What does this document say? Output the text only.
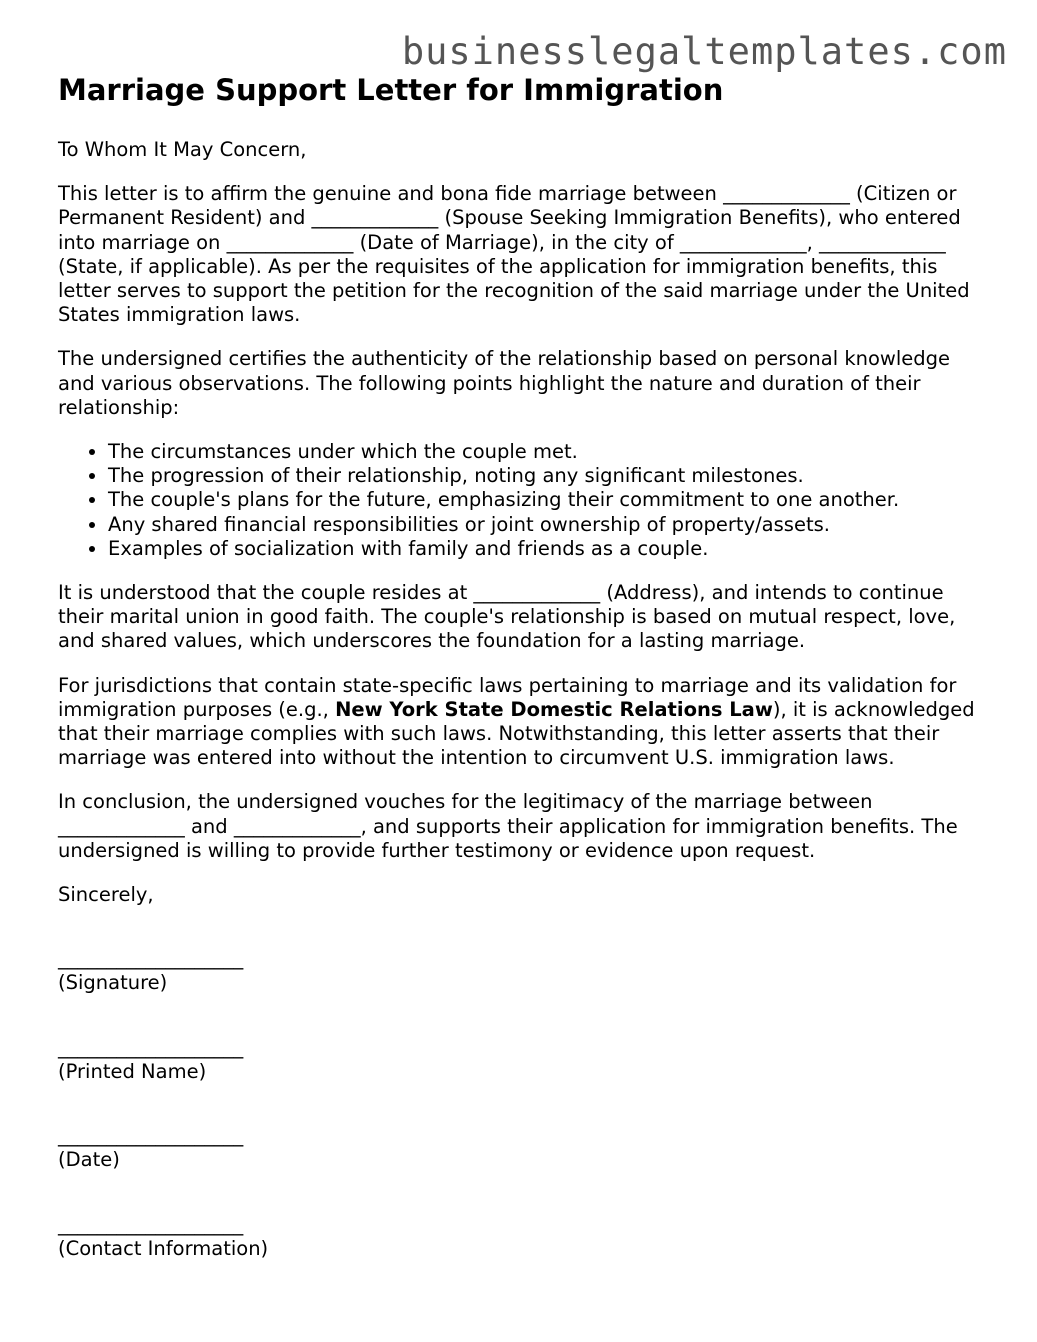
businesslegaltemplates.com
Marriage Support Letter for Immigration

To Whom It May Concern,

This letter is to affirm the genuine and bona fide marriage between _____________ (Citizen or Permanent Resident) and _____________ (Spouse Seeking Immigration Benefits), who entered into marriage on _____________ (Date of Marriage), in the city of _____________, _____________ (State, if applicable). As per the requisites of the application for immigration benefits, this letter serves to support the petition for the recognition of the said marriage under the United States immigration laws.

The undersigned certifies the authenticity of the relationship based on personal knowledge and various observations. The following points highlight the nature and duration of their relationship:

• The circumstances under which the couple met.
• The progression of their relationship, noting any significant milestones.
• The couple's plans for the future, emphasizing their commitment to one another.
• Any shared financial responsibilities or joint ownership of property/assets.
• Examples of socialization with family and friends as a couple.

It is understood that the couple resides at _____________ (Address), and intends to continue their marital union in good faith. The couple's relationship is based on mutual respect, love, and shared values, which underscores the foundation for a lasting marriage.

For jurisdictions that contain state-specific laws pertaining to marriage and its validation for immigration purposes (e.g., New York State Domestic Relations Law), it is acknowledged that their marriage complies with such laws. Notwithstanding, this letter asserts that their marriage was entered into without the intention to circumvent U.S. immigration laws.

In conclusion, the undersigned vouches for the legitimacy of the marriage between _____________ and _____________, and supports their application for immigration benefits. The undersigned is willing to provide further testimony or evidence upon request.

Sincerely,

___________________
(Signature)
___________________
(Printed Name)
___________________
(Date)
___________________
(Contact Information)
